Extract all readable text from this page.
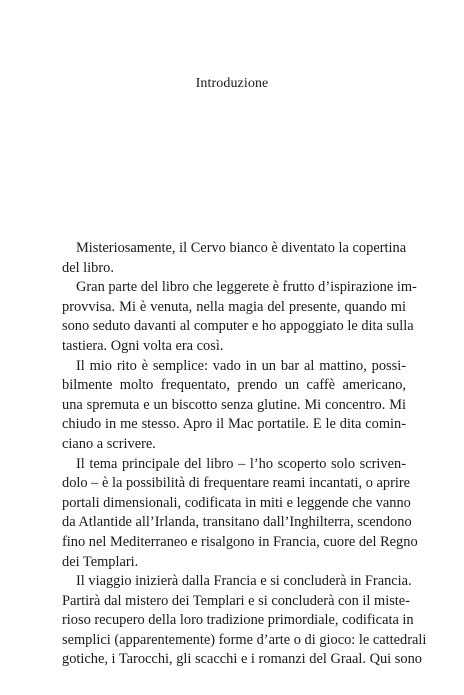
Introduzione
Misteriosamente, il Cervo bianco è diventato la copertina
del libro.
Gran parte del libro che leggerete è frutto d’ispirazione im-
provvisa. Mi è venuta, nella magia del presente, quando mi
sono seduto davanti al computer e ho appoggiato le dita sulla
tastiera. Ogni volta era così.
Il mio rito è semplice: vado in un bar al mattino, possi-
bilmente molto frequentato, prendo un caffè americano,
una spremuta e un biscotto senza glutine. Mi concentro. Mi
chiudo in me stesso. Apro il Mac portatile. E le dita comin-
ciano a scrivere.
Il tema principale del libro – l’ho scoperto solo scriven-
dolo – è la possibilità di frequentare reami incantati, o aprire
portali dimensionali, codificata in miti e leggende che vanno
da Atlantide all’Irlanda, transitano dall’Inghilterra, scendono
fino nel Mediterraneo e risalgono in Francia, cuore del Regno
dei Templari.
Il viaggio inizierà dalla Francia e si concluderà in Francia.
Partirà dal mistero dei Templari e si concluderà con il miste-
rioso recupero della loro tradizione primordiale, codificata in
semplici (apparentemente) forme d’arte o di gioco: le cattedrali
gotiche, i Tarocchi, gli scacchi e i romanzi del Graal. Qui sono
